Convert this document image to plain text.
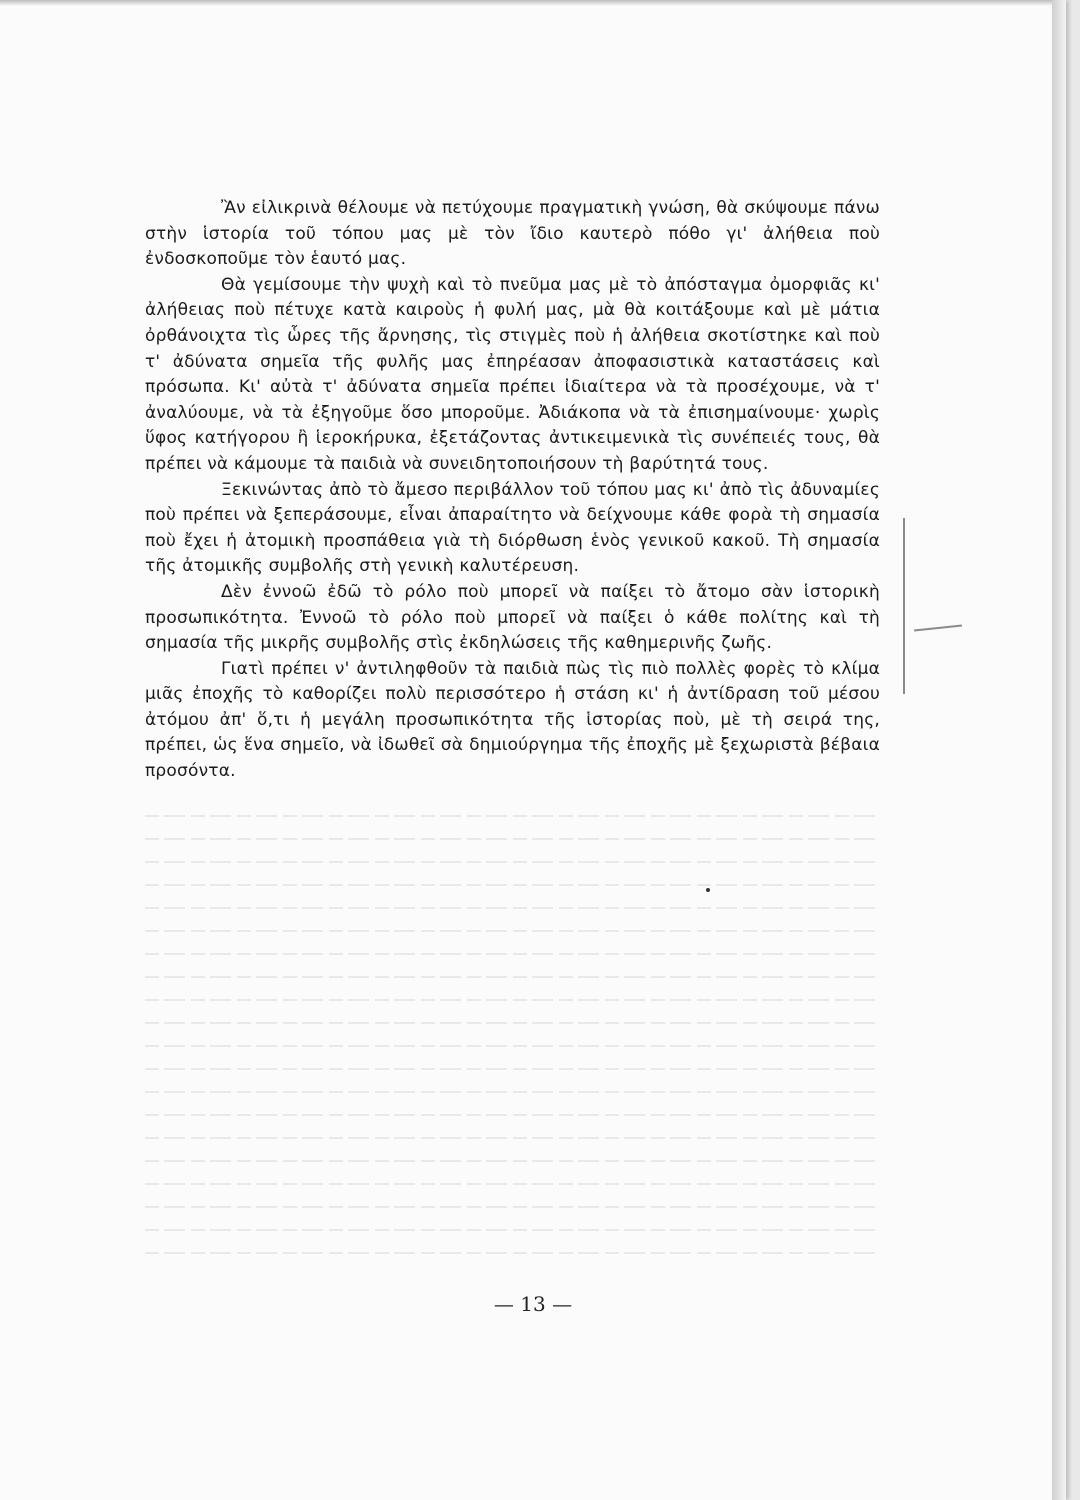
Ἂν εἰλικρινὰ θέλουμε νὰ πετύχουμε πραγματικὴ γνώση, θὰ σκύψουμε πάνω στὴν ἱστορία τοῦ τόπου μας μὲ τὸν ἴδιο καυτερὸ πόθο γι' ἀλήθεια ποὺ ἐνδοσκοποῦμε τὸν ἑαυτό μας.

Θὰ γεμίσουμε τὴν ψυχὴ καὶ τὸ πνεῦμα μας μὲ τὸ ἀπόσταγμα ὀμορφιᾶς κι' ἀλήθειας ποὺ πέτυχε κατὰ καιροὺς ἡ φυλή μας, μὰ θὰ κοιτάξουμε καὶ μὲ μάτια ὀρθάνοιχτα τὶς ὧρες τῆς ἄρνησης, τὶς στιγμὲς ποὺ ἡ ἀλήθεια σκοτίστηκε καὶ ποὺ τ' ἀδύνατα σημεῖα τῆς φυλῆς μας ἐπηρέασαν ἀποφασιστικὰ καταστάσεις καὶ πρόσωπα. Κι' αὐτὰ τ' ἀδύνατα σημεῖα πρέπει ἰδιαίτερα νὰ τὰ προσέχουμε, νὰ τ' ἀναλύουμε, νὰ τὰ ἐξηγοῦμε ὅσο μποροῦμε. Ἀδιάκοπα νὰ τὰ ἐπισημαίνουμε· χωρὶς ὕφος κατήγορου ἢ ἱεροκήρυκα, ἐξετάζοντας ἀντικειμενικὰ τὶς συνέπειές τους, θὰ πρέπει νὰ κάμουμε τὰ παιδιὰ νὰ συνειδητοποιήσουν τὴ βαρύτητά τους.

Ξεκινώντας ἀπὸ τὸ ἄμεσο περιβάλλον τοῦ τόπου μας κι' ἀπὸ τὶς ἀδυναμίες ποὺ πρέπει νὰ ξεπεράσουμε, εἶναι ἀπαραίτητο νὰ δείχνουμε κάθε φορὰ τὴ σημασία ποὺ ἔχει ἡ ἀτομικὴ προσπάθεια γιὰ τὴ διόρθωση ἑνὸς γενικοῦ κακοῦ. Τὴ σημασία τῆς ἀτομικῆς συμβολῆς στὴ γενικὴ καλυτέρευση.

Δὲν ἐννοῶ ἐδῶ τὸ ρόλο ποὺ μπορεῖ νὰ παίξει τὸ ἄτομο σὰν ἱστορικὴ προσωπικότητα. Ἐννοῶ τὸ ρόλο ποὺ μπορεῖ νὰ παίξει ὁ κάθε πολίτης καὶ τὴ σημασία τῆς μικρῆς συμβολῆς στὶς ἐκδηλώσεις τῆς καθημερινῆς ζωῆς.

Γιατὶ πρέπει ν' ἀντιληφθοῦν τὰ παιδιὰ πὼς τὶς πιὸ πολλὲς φορὲς τὸ κλίμα μιᾶς ἐποχῆς τὸ καθορίζει πολὺ περισσότερο ἡ στάση κι' ἡ ἀντίδραση τοῦ μέσου ἀτόμου ἀπ' ὅ,τι ἡ μεγάλη προσωπικότητα τῆς ἱστορίας ποὺ, μὲ τὴ σειρά της, πρέπει, ὡς ἕνα σημεῖο, νὰ ἰδωθεῖ σὰ δημιούργημα τῆς ἐποχῆς μὲ ξεχωριστὰ βέβαια προσόντα.

— 13 —
